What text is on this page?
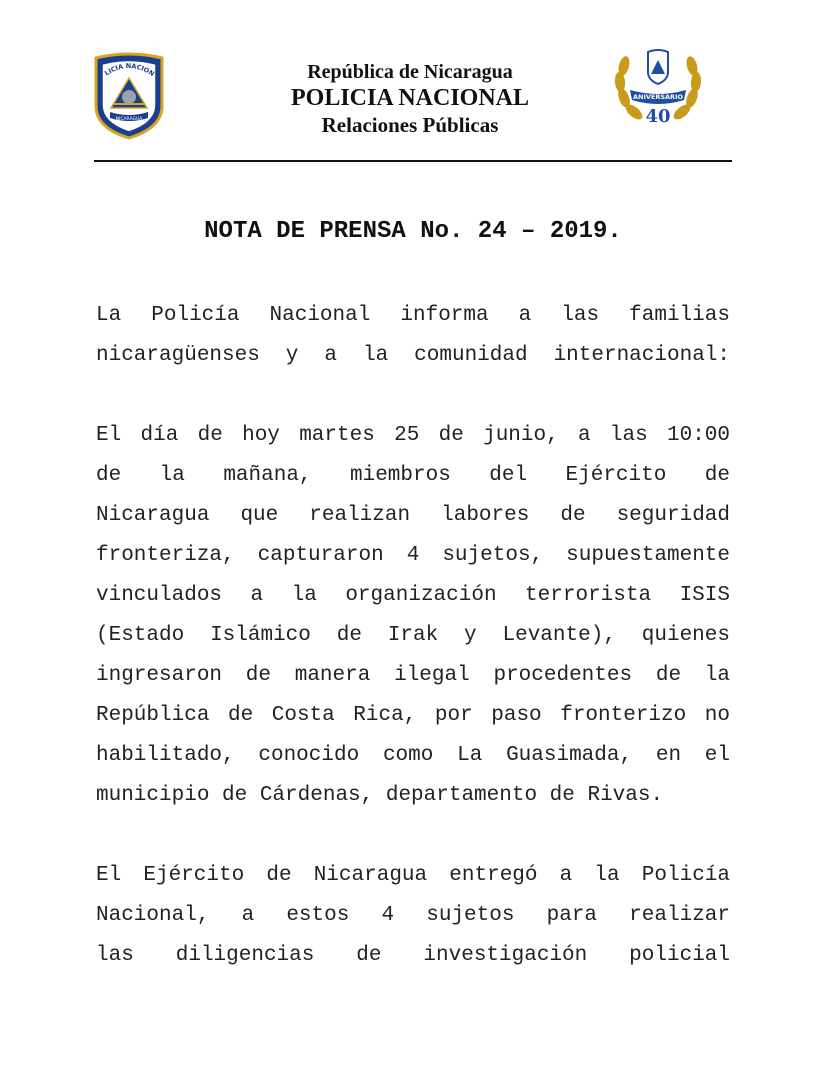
LICIA NACION
NICARAGUA
República de Nicaragua
POLICIA NACIONAL
Relaciones Públicas
ANIVERSARIO
40
NOTA DE PRENSA No. 24 – 2019.
La Policía Nacional informa a las familias
nicaragüenses y a la comunidad internacional:
El día de hoy martes 25 de junio, a las 10:00
de la mañana, miembros del Ejército de
Nicaragua que realizan labores de seguridad
fronteriza, capturaron 4 sujetos, supuestamente
vinculados a la organización terrorista ISIS
(Estado Islámico de Irak y Levante), quienes
ingresaron de manera ilegal procedentes de la
República de Costa Rica, por paso fronterizo no
habilitado, conocido como La Guasimada, en el
municipio de Cárdenas, departamento de Rivas.
El Ejército de Nicaragua entregó a la Policía
Nacional, a estos 4 sujetos para realizar
las diligencias de investigación policial
